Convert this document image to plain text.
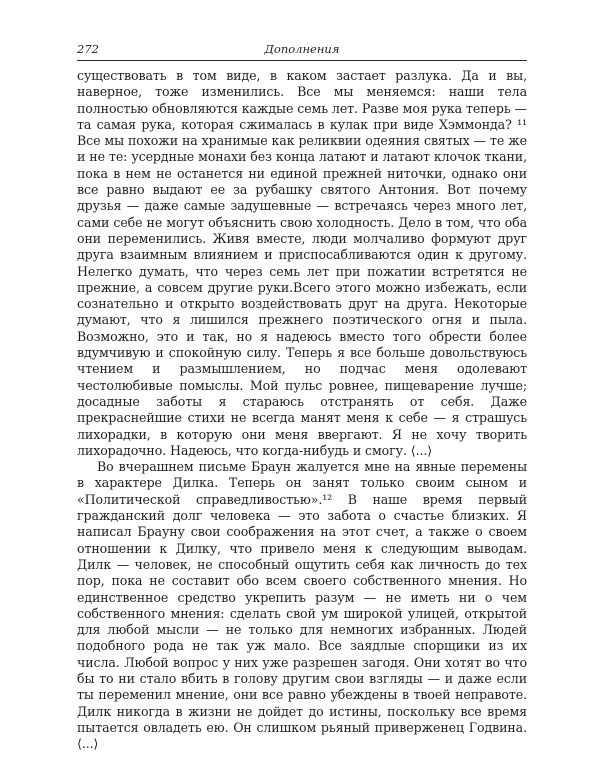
272	Дополнения

существовать в том виде, в каком застает разлука. Да и вы, наверное, тоже изменились. Все мы меняемся: наши тела полностью обновляются каждые семь лет. Разве моя рука теперь — та самая рука, которая сжималась в кулак при виде Хэммонда? ¹¹ Все мы похожи на хранимые как реликвии одеяния святых — те же и не те: усердные монахи без конца латают и латают клочок ткани, пока в нем не останется ни единой прежней ниточки, однако они все равно выдают ее за рубашку святого Антония. Вот почему друзья — даже самые задушевные — встречаясь через много лет, сами себе не могут объяснить свою холодность. Дело в том, что оба они переменились. Живя вместе, люди молчаливо формуют друг друга взаимным влиянием и приспосабливаются один к другому. Нелегко думать, что через семь лет при пожатии встретятся не прежние, а совсем другие руки.Всего этого можно избежать, если сознательно и открыто воздействовать друг на друга. Некоторые думают, что я лишился прежнего поэтического огня и пыла. Возможно, это и так, но я надеюсь вместо того обрести более вдумчивую и спокойную силу. Теперь я все больше довольствуюсь чтением и размышлением, но подчас меня одолевают честолюбивые помыслы. Мой пульс ровнее, пищеварение лучше; досадные заботы я стараюсь отстранять от себя. Даже прекраснейшие стихи не всегда манят меня к себе — я страшусь лихорадки, в которую они меня ввергают. Я не хочу творить лихорадочно. Надеюсь, что когда-нибудь и смогу. ⟨...⟩

Во вчерашнем письме Браун жалуется мне на явные перемены в характере Дилка. Теперь он занят только своим сыном и «Политической справедливостью».¹² В наше время первый гражданский долг человека — это забота о счастье близких. Я написал Брауну свои соображения на этот счет, а также о своем отношении к Дилку, что привело меня к следующим выводам. Дилк — человек, не способный ощутить себя как личность до тех пор, пока не составит обо всем своего собственного мнения. Но единственное средство укрепить разум — не иметь ни о чем собственного мнения: сделать свой ум широкой улицей, открытой для любой мысли — не только для немногих избранных. Людей подобного рода не так уж мало. Все заядлые спорщики из их числа. Любой вопрос у них уже разрешен загодя. Они хотят во что бы то ни стало вбить в голову другим свои взгляды — и даже если ты переменил мнение, они все равно убеждены в твоей неправоте. Дилк никогда в жизни не дойдет до истины, поскольку все время пытается овладеть ею. Он слишком рьяный приверженец Годвина. ⟨...⟩
